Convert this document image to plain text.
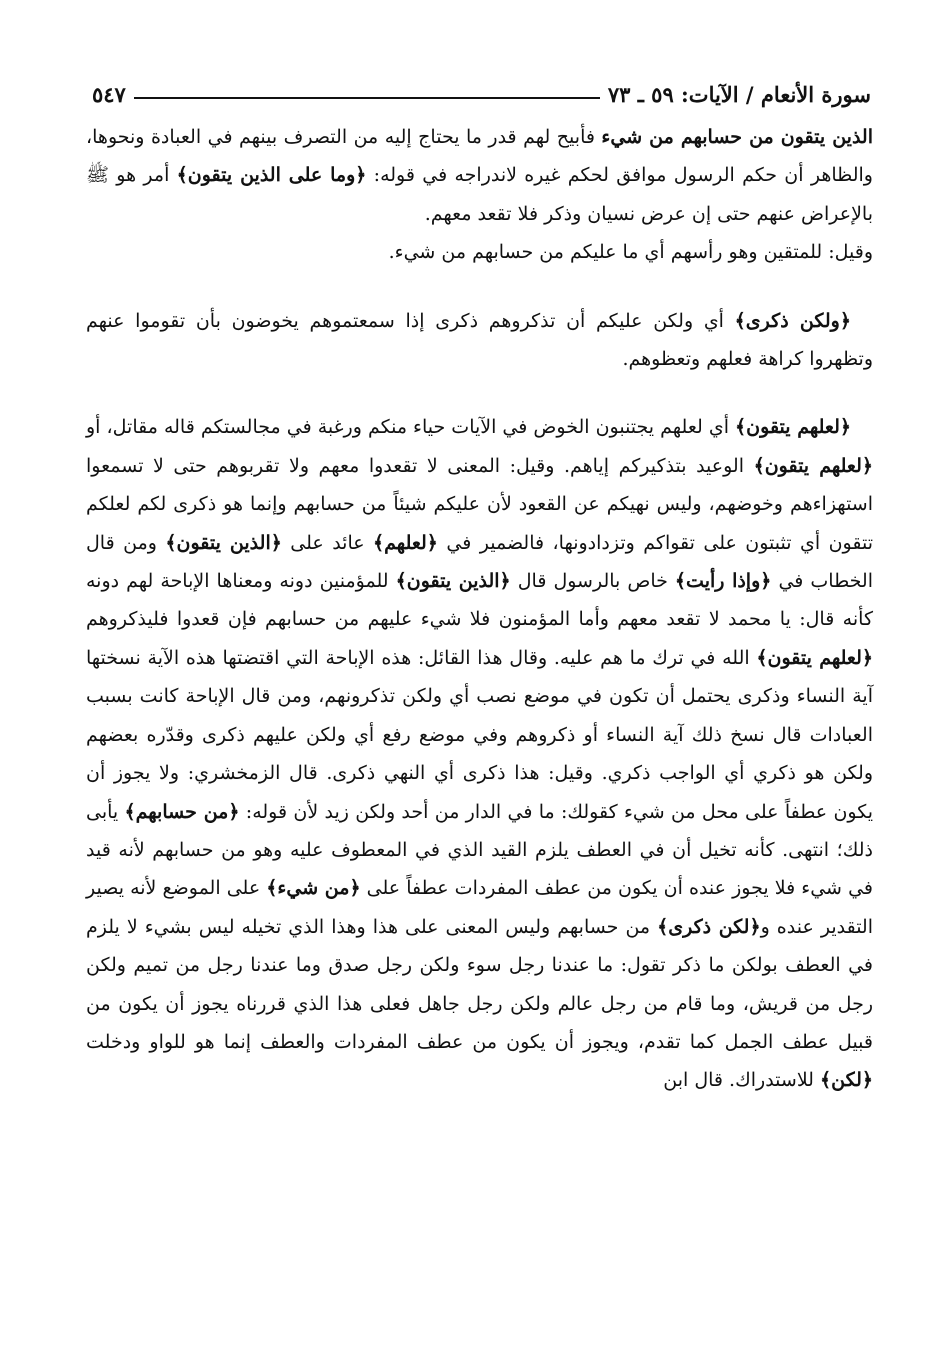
سورة الأنعام / الآيات: ٥٩ ـ ٧٣
٥٤٧

الذين يتقون من حسابهم من شيء فأبيح لهم قدر ما يحتاج إليه من التصرف بينهم في العبادة ونحوها، والظاهر أن حكم الرسول موافق لحكم غيره لاندراجه في قوله: ﴿وما على الذين يتقون﴾ أمر هو ﷺ بالإعراض عنهم حتى إن عرض نسيان وذكر فلا تقعد معهم.
وقيل: للمتقين وهو رأسهم أي ما عليكم من حسابهم من شيء.

﴿ولكن ذكرى﴾ أي ولكن عليكم أن تذكروهم ذكرى إذا سمعتموهم يخوضون بأن تقوموا عنهم وتظهروا كراهة فعلهم وتعظوهم.

﴿لعلهم يتقون﴾ أي لعلهم يجتنبون الخوض في الآيات حياء منكم ورغبة في مجالستكم قاله مقاتل، أو ﴿لعلهم يتقون﴾ الوعيد بتذكيركم إياهم. وقيل: المعنى لا تقعدوا معهم ولا تقربوهم حتى لا تسمعوا استهزاءهم وخوضهم، وليس نهيكم عن القعود لأن عليكم شيئاً من حسابهم وإنما هو ذكرى لكم لعلكم تتقون أي تثبتون على تقواكم وتزدادونها، فالضمير في ﴿لعلهم﴾ عائد على ﴿الذين يتقون﴾ ومن قال الخطاب في ﴿وإذا رأيت﴾ خاص بالرسول قال ﴿الذين يتقون﴾ للمؤمنين دونه ومعناها الإباحة لهم دونه كأنه قال: يا محمد لا تقعد معهم وأما المؤمنون فلا شيء عليهم من حسابهم فإن قعدوا فليذكروهم ﴿لعلهم يتقون﴾ الله في ترك ما هم عليه. وقال هذا القائل: هذه الإباحة التي اقتضتها هذه الآية نسختها آية النساء وذكرى يحتمل أن تكون في موضع نصب أي ولكن تذكرونهم، ومن قال الإباحة كانت بسبب العبادات قال نسخ ذلك آية النساء أو ذكروهم وفي موضع رفع أي ولكن عليهم ذكرى وقدّره بعضهم ولكن هو ذكري أي الواجب ذكري. وقيل: هذا ذكرى أي النهي ذكرى. قال الزمخشري: ولا يجوز أن يكون عطفاً على محل من شيء كقولك: ما في الدار من أحد ولكن زيد لأن قوله: ﴿من حسابهم﴾ يأبى ذلك؛ انتهى. كأنه تخيل أن في العطف يلزم القيد الذي في المعطوف عليه وهو من حسابهم لأنه قيد في شيء فلا يجوز عنده أن يكون من عطف المفردات عطفاً على ﴿من شيء﴾ على الموضع لأنه يصير التقدير عنده و﴿لكن ذكرى﴾ من حسابهم وليس المعنى على هذا وهذا الذي تخيله ليس بشيء لا يلزم في العطف بولكن ما ذكر تقول: ما عندنا رجل سوء ولكن رجل صدق وما عندنا رجل من تميم ولكن رجل من قريش، وما قام من رجل عالم ولكن رجل جاهل فعلى هذا الذي قررناه يجوز أن يكون من قبيل عطف الجمل كما تقدم، ويجوز أن يكون من عطف المفردات والعطف إنما هو للواو ودخلت ﴿لكن﴾ للاستدراك. قال ابن
